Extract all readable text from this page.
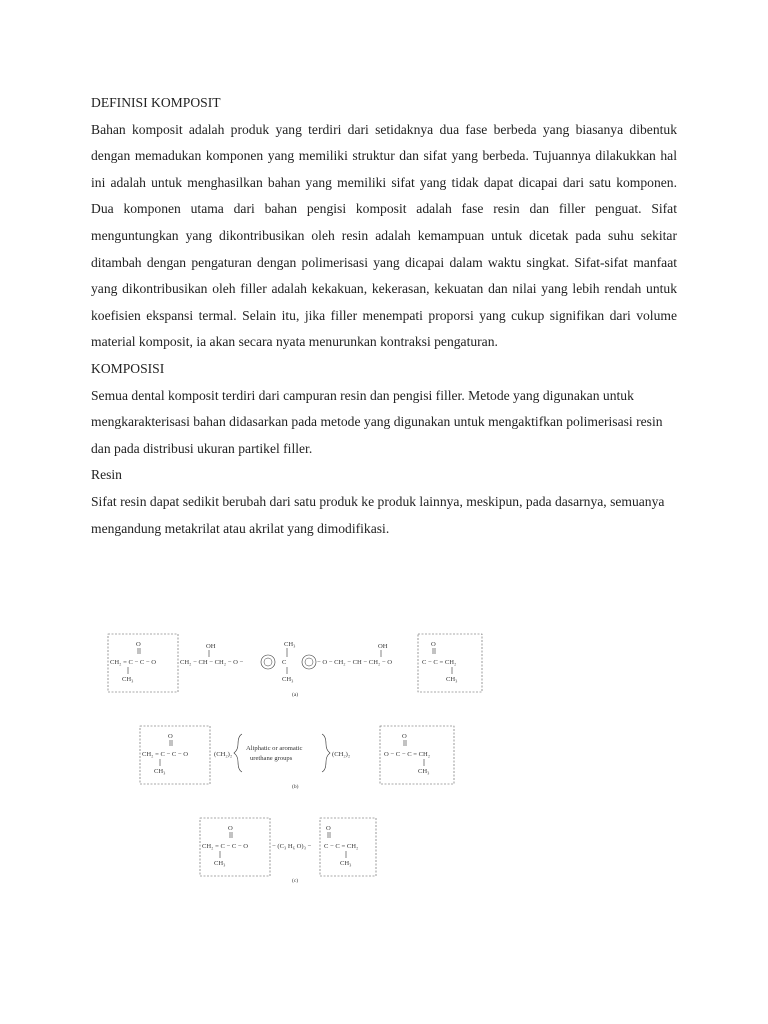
DEFINISI KOMPOSIT

Bahan komposit adalah produk yang terdiri dari setidaknya dua fase berbeda yang biasanya dibentuk dengan memadukan komponen yang memiliki struktur dan sifat yang berbeda. Tujuannya dilakukkan hal ini adalah untuk menghasilkan bahan yang memiliki sifat yang tidak dapat dicapai dari satu komponen. Dua komponen utama dari bahan pengisi komposit adalah fase resin dan filler penguat. Sifat menguntungkan yang dikontribusikan oleh resin adalah kemampuan untuk dicetak pada suhu sekitar ditambah dengan pengaturan dengan polimerisasi yang dicapai dalam waktu singkat. Sifat-sifat manfaat yang dikontribusikan oleh filler adalah kekakuan, kekerasan, kekuatan dan nilai yang lebih rendah untuk koefisien ekspansi termal. Selain itu, jika filler menempati proporsi yang cukup signifikan dari volume material komposit, ia akan secara nyata menurunkan kontraksi pengaturan.

KOMPOSISI

Semua dental komposit terdiri dari campuran resin dan pengisi filler. Metode yang digunakan untuk mengkarakterisasi bahan didasarkan pada metode yang digunakan untuk mengaktifkan polimerisasi resin dan pada distribusi ukuran partikel filler.

Resin

Sifat resin dapat sedikit berubah dari satu produk ke produk lainnya, meskipun, pada dasarnya, semuanya mengandung metakrilat atau akrilat yang dimodifikasi.

O
CH₂ = C − C − O
CH₃
OH
CH₂ − CH − CH₂ − O −
CH₃
C
CH₃
OH
− O − CH₂ − CH − CH₂ − O
O
C − C = CH₂
CH₃
(a)
O
CH₂ = C − C − O
CH₃
(CH₂)₂
Aliphatic or aromatic
urethane groups
(CH₂)₂
O
O − C − C = CH₂
CH₃
(b)
O
CH₂ = C − C − O
CH₃
− (C₃ H₆ O)₃ −
O
C − C = CH₂
CH₃
(c)
